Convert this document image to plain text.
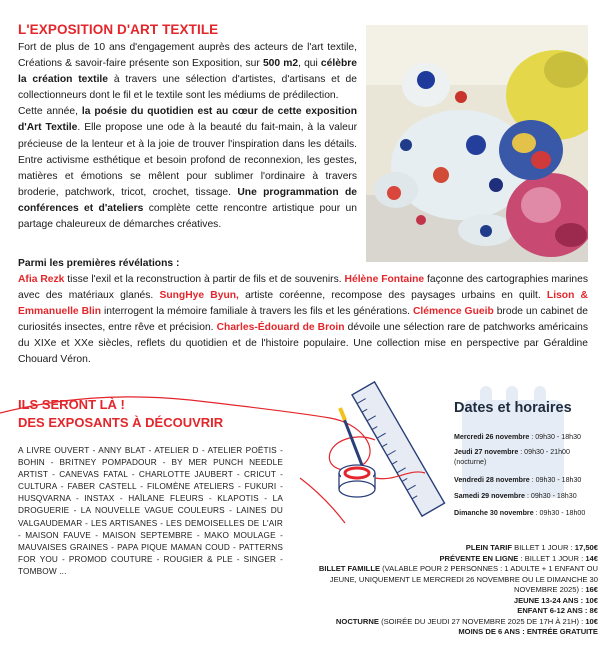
L'EXPOSITION D'ART TEXTILE

Fort de plus de 10 ans d'engagement auprès des acteurs de l'art textile, Créations & savoir-faire présente son Exposition, sur 500 m2, qui célèbre la création textile à travers une sélection d'artistes, d'artisans et de collectionneurs dont le fil et le textile sont les médiums de prédilection.

Cette année, la poésie du quotidien est au cœur de cette exposition d'Art Textile. Elle propose une ode à la beauté du fait-main, à la valeur précieuse de la lenteur et à la joie de trouver l'inspiration dans les détails. Entre activisme esthétique et besoin profond de reconnexion, les gestes, matières et émotions se mêlent pour sublimer l'ordinaire à travers broderie, patchwork, tricot, crochet, tissage. Une programmation de conférences et d'ateliers complète cette rencontre artistique pour un partage chaleureux de démarches créatives.

Parmi les premières révélations :

Afia Rezk tisse l'exil et la reconstruction à partir de fils et de souvenirs. Hélène Fontaine façonne des cartographies marines avec des matériaux glanés. SungHye Byun, artiste coréenne, recompose des paysages urbains en quilt. Lison & Emmanuelle Blin interrogent la mémoire familiale à travers les fils et les générations. Clémence Gueib brode un cabinet de curiosités insectes, entre rêve et précision. Charles-Édouard de Broin dévoile une sélection rare de patchworks américains du XIXe et XXe siècles, reflets du quotidien et de l'histoire populaire. Une collection mise en perspective par Géraldine Chouard Véron.

ILS SERONT LÀ !
DES EXPOSANTS À DÉCOUVRIR
A LIVRE OUVERT - ANNY BLAT - ATELIER D - ATELIER POËTIS - BOHIN - BRITNEY POMPADOUR - BY MER PUNCH NEEDLE ARTIST - CANEVAS FATAL - CHARLOTTE JAUBERT - CRICUT - CULTURA - FABER CASTELL - FILOMÈNE ATELIERS - FUKURI - HUSQVARNA - INSTAX - HAÏLANE FLEURS - KLAPOTIS - LA DROGUERIE - LA NOUVELLE VAGUE COULEURS - LAINES DU VALGAUDEMAR - LES ARTISANES - LES DEMOISELLES DE L'AIR - MAISON FAUVE - MAISON SEPTEMBRE - MAKO MOULAGE - MAUVAISES GRAINES - PAPA PIQUE MAMAN COUD - PATTERNS FOR YOU - PROMOD COUTURE - ROUGIER & PLE - SINGER - TOMBOW ...
Dates et horaires
Mercredi 26 novembre : 09h30 - 18h30
Jeudi 27 novembre : 09h30 - 21h00
(nocturne)
Vendredi 28 novembre : 09h30 - 18h30
Samedi 29 novembre : 09h30 - 18h30
Dimanche 30 novembre : 09h30 - 18h00
PLEIN TARIF BILLET 1 JOUR : 17,50€
PRÉVENTE EN LIGNE : BILLET 1 JOUR : 14€
BILLET FAMILLE (VALABLE POUR 2 PERSONNES : 1 ADULTE + 1 ENFANT OU JEUNE, UNIQUEMENT LE MERCREDI 26 NOVEMBRE OU LE DIMANCHE 30 NOVEMBRE 2025) : 16€
JEUNE 13-24 ANS : 10€
ENFANT 6-12 ANS : 8€
NOCTURNE (SOIRÉE DU JEUDI 27 NOVEMBRE 2025 DE 17H À 21H) : 10€
MOINS DE 6 ANS : ENTRÉE GRATUITE
